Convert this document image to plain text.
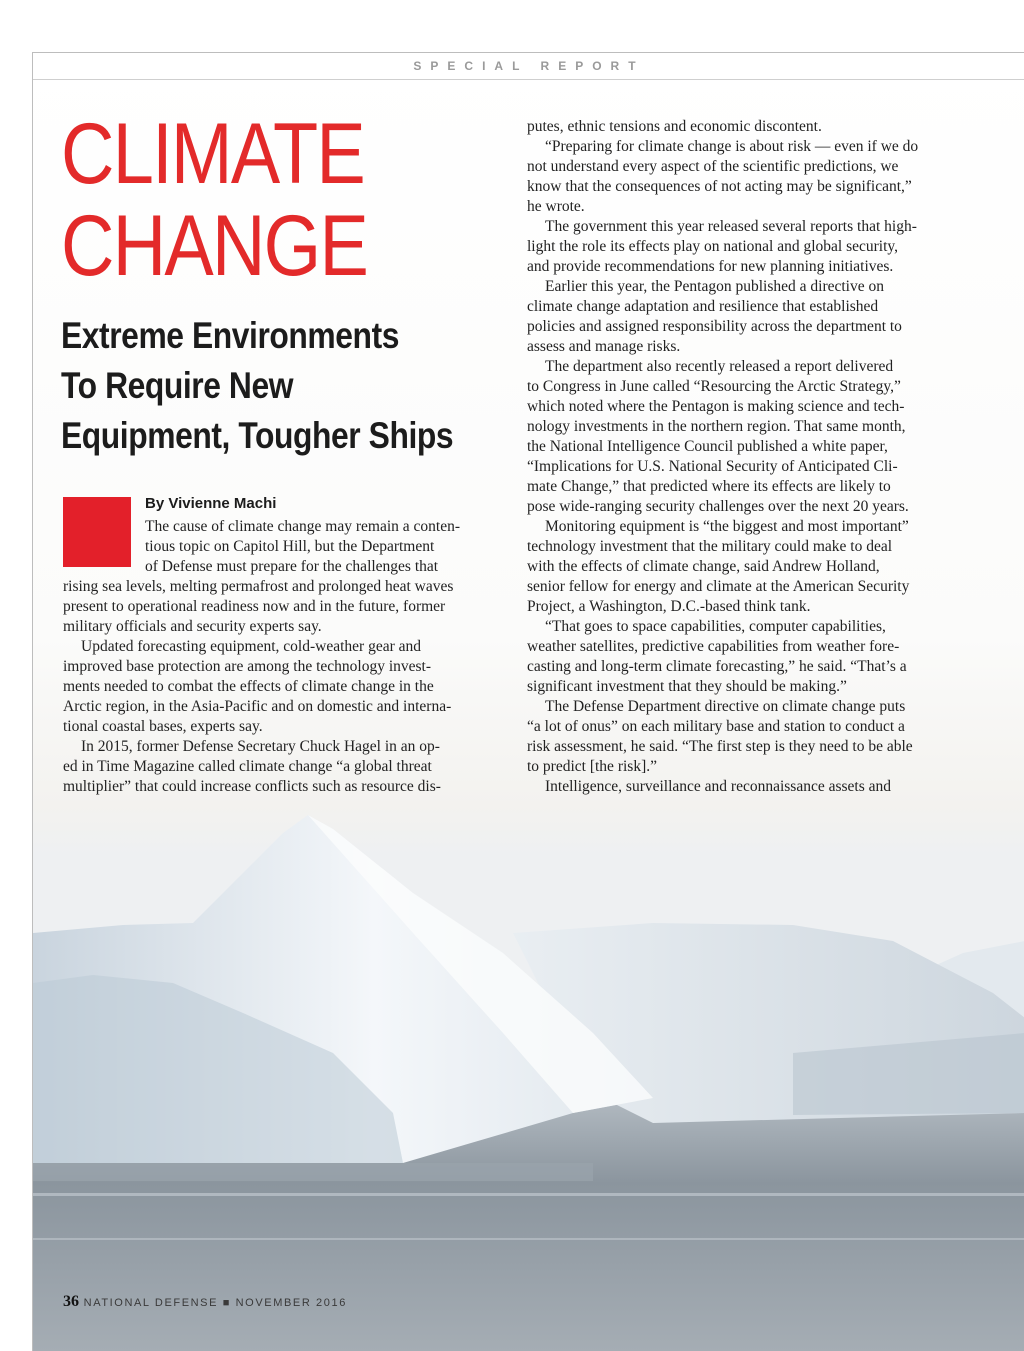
SPECIAL REPORT
CLIMATE
CHANGE
Extreme Environments
To Require New
Equipment, Tougher Ships
By Vivienne Machi
The cause of climate change may remain a conten-
tious topic on Capitol Hill, but the Department
of Defense must prepare for the challenges that
rising sea levels, melting permafrost and prolonged heat waves
present to operational readiness now and in the future, former
military officials and security experts say.
Updated forecasting equipment, cold-weather gear and
improved base protection are among the technology invest-
ments needed to combat the effects of climate change in the
Arctic region, in the Asia-Pacific and on domestic and interna-
tional coastal bases, experts say.
In 2015, former Defense Secretary Chuck Hagel in an op-
ed in Time Magazine called climate change “a global threat
multiplier” that could increase conflicts such as resource dis-
putes, ethnic tensions and economic discontent.
“Preparing for climate change is about risk — even if we do
not understand every aspect of the scientific predictions, we
know that the consequences of not acting may be significant,”
he wrote.
The government this year released several reports that high-
light the role its effects play on national and global security,
and provide recommendations for new planning initiatives.
Earlier this year, the Pentagon published a directive on
climate change adaptation and resilience that established
policies and assigned responsibility across the department to
assess and manage risks.
The department also recently released a report delivered
to Congress in June called “Resourcing the Arctic Strategy,”
which noted where the Pentagon is making science and tech-
nology investments in the northern region. That same month,
the National Intelligence Council published a white paper,
“Implications for U.S. National Security of Anticipated Cli-
mate Change,” that predicted where its effects are likely to
pose wide-ranging security challenges over the next 20 years.
Monitoring equipment is “the biggest and most important”
technology investment that the military could make to deal
with the effects of climate change, said Andrew Holland,
senior fellow for energy and climate at the American Security
Project, a Washington, D.C.-based think tank.
“That goes to space capabilities, computer capabilities,
weather satellites, predictive capabilities from weather fore-
casting and long-term climate forecasting,” he said. “That’s a
significant investment that they should be making.”
The Defense Department directive on climate change puts
“a lot of onus” on each military base and station to conduct a
risk assessment, he said. “The first step is they need to be able
to predict [the risk].”
Intelligence, surveillance and reconnaissance assets and
36 NATIONAL DEFENSE ■ NOVEMBER 2016
